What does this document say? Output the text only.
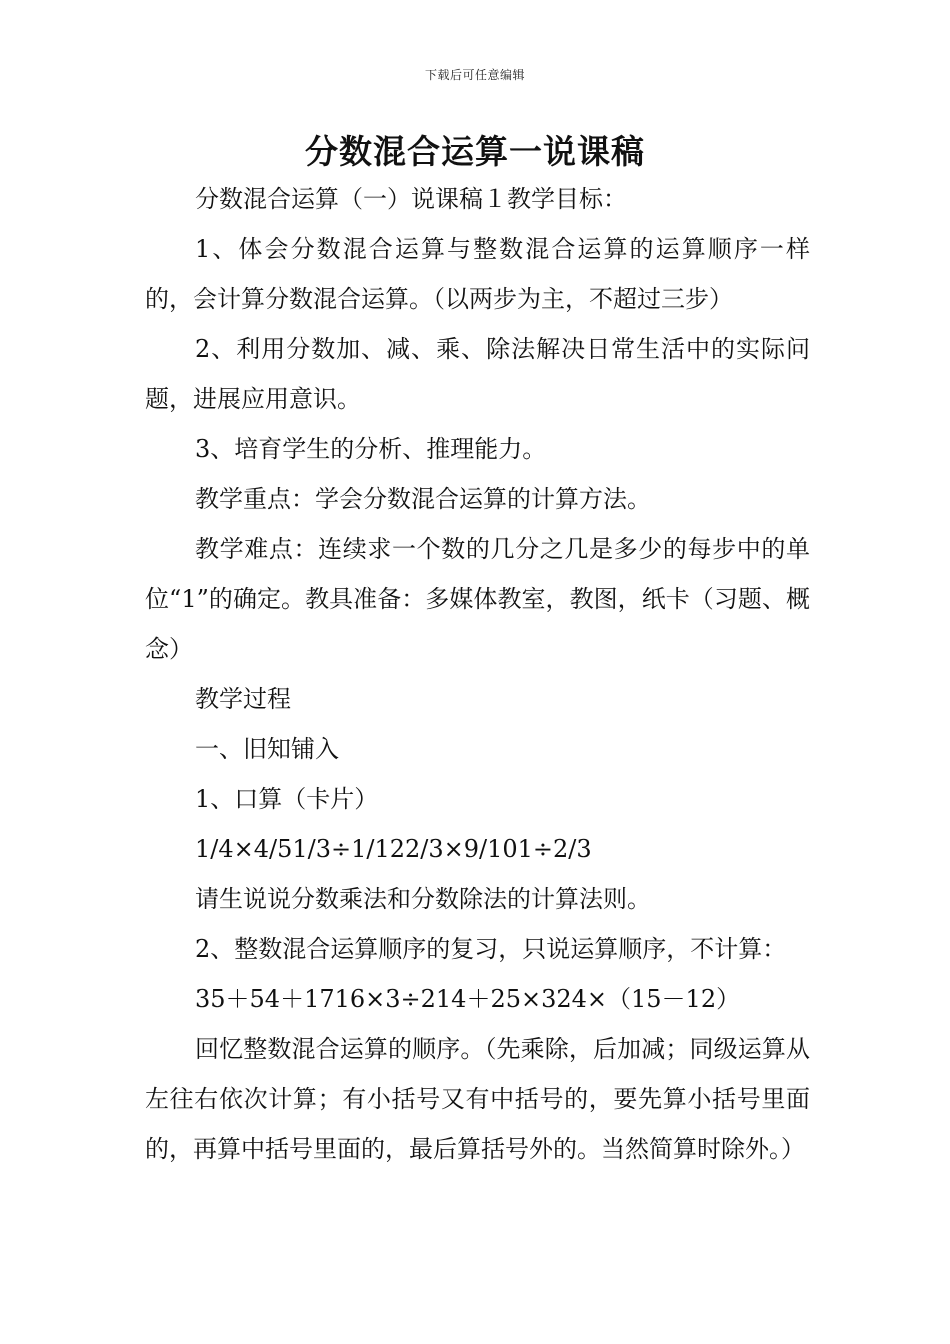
下载后可任意编辑
分数混合运算一说课稿

分数混合运算（一）说课稿１教学目标：

1、体会分数混合运算与整数混合运算的运算顺序一样的，会计算分数混合运算。（以两步为主，不超过三步）

2、利用分数加、减、乘、除法解决日常生活中的实际问题，进展应用意识。

3、培育学生的分析、推理能力。

教学重点：学会分数混合运算的计算方法。

教学难点：连续求一个数的几分之几是多少的每步中的单位“1”的确定。教具准备：多媒体教室，教图，纸卡（习题、概念）

教学过程

一、旧知铺入

1、口算（卡片）

1/4×4/51/3÷1/122/3×9/101÷2/3

请生说说分数乘法和分数除法的计算法则。

2、整数混合运算顺序的复习，只说运算顺序，不计算：

35＋54＋1716×3÷214＋25×324×（15－12）

回忆整数混合运算的顺序。（先乘除，后加减；同级运算从左往右依次计算；有小括号又有中括号的，要先算小括号里面的，再算中括号里面的，最后算括号外的。当然简算时除外。）
